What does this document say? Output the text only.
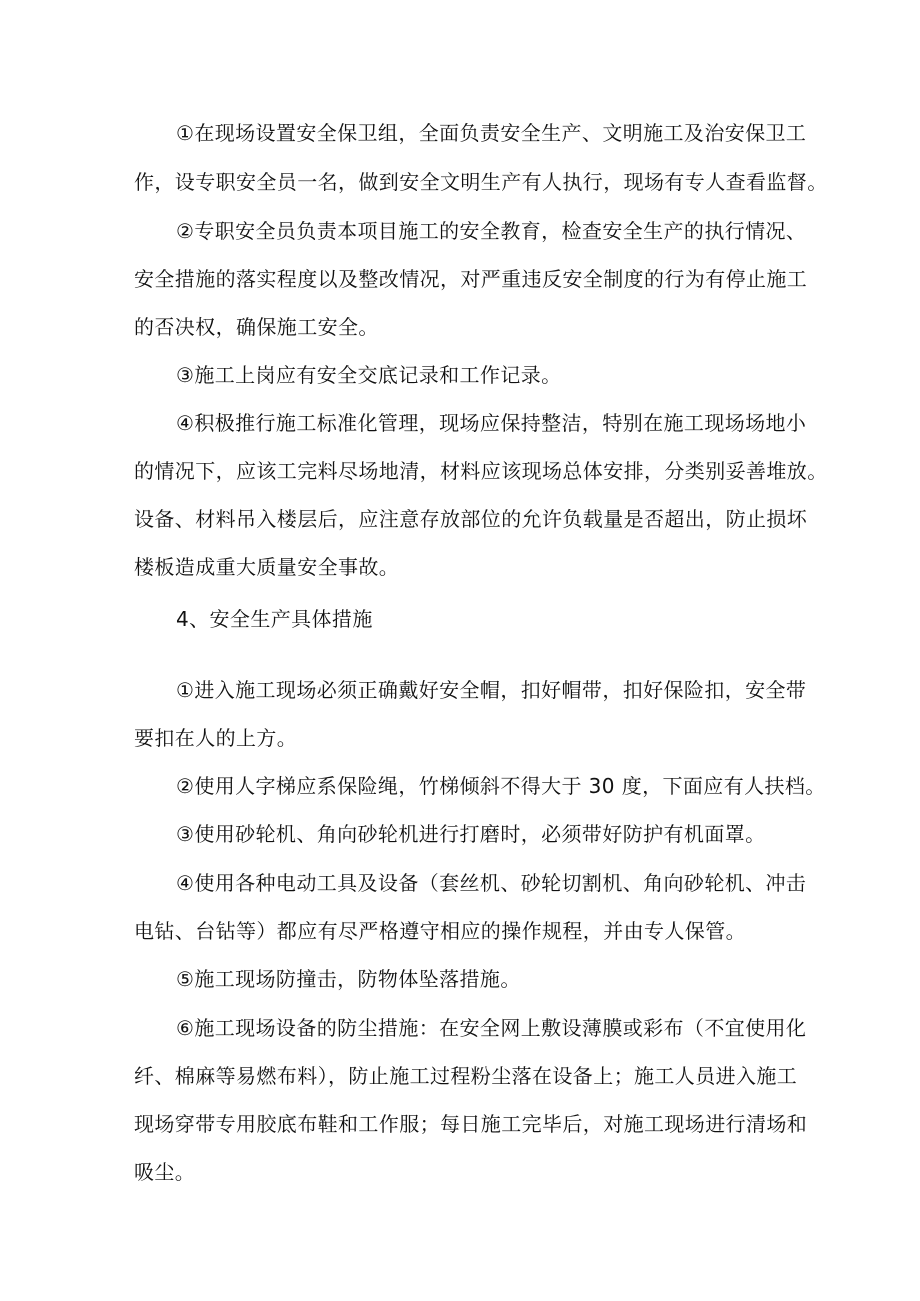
①在现场设置安全保卫组，全面负责安全生产、文明施工及治安保卫工
作，设专职安全员一名，做到安全文明生产有人执行，现场有专人查看监督。
②专职安全员负责本项目施工的安全教育，检查安全生产的执行情况、
安全措施的落实程度以及整改情况，对严重违反安全制度的行为有停止施工
的否决权，确保施工安全。
③施工上岗应有安全交底记录和工作记录。
④积极推行施工标准化管理，现场应保持整洁，特别在施工现场场地小
的情况下，应该工完料尽场地清，材料应该现场总体安排，分类别妥善堆放。
设备、材料吊入楼层后，应注意存放部位的允许负载量是否超出，防止损坏
楼板造成重大质量安全事故。
4、安全生产具体措施
①进入施工现场必须正确戴好安全帽，扣好帽带，扣好保险扣，安全带
要扣在人的上方。
②使用人字梯应系保险绳，竹梯倾斜不得大于 30 度，下面应有人扶档。
③使用砂轮机、角向砂轮机进行打磨时，必须带好防护有机面罩。
④使用各种电动工具及设备（套丝机、砂轮切割机、角向砂轮机、冲击
电钻、台钻等）都应有尽严格遵守相应的操作规程，并由专人保管。
⑤施工现场防撞击，防物体坠落措施。
⑥施工现场设备的防尘措施：在安全网上敷设薄膜或彩布（不宜使用化
纤、棉麻等易燃布料），防止施工过程粉尘落在设备上；施工人员进入施工
现场穿带专用胶底布鞋和工作服；每日施工完毕后，对施工现场进行清场和
吸尘。
